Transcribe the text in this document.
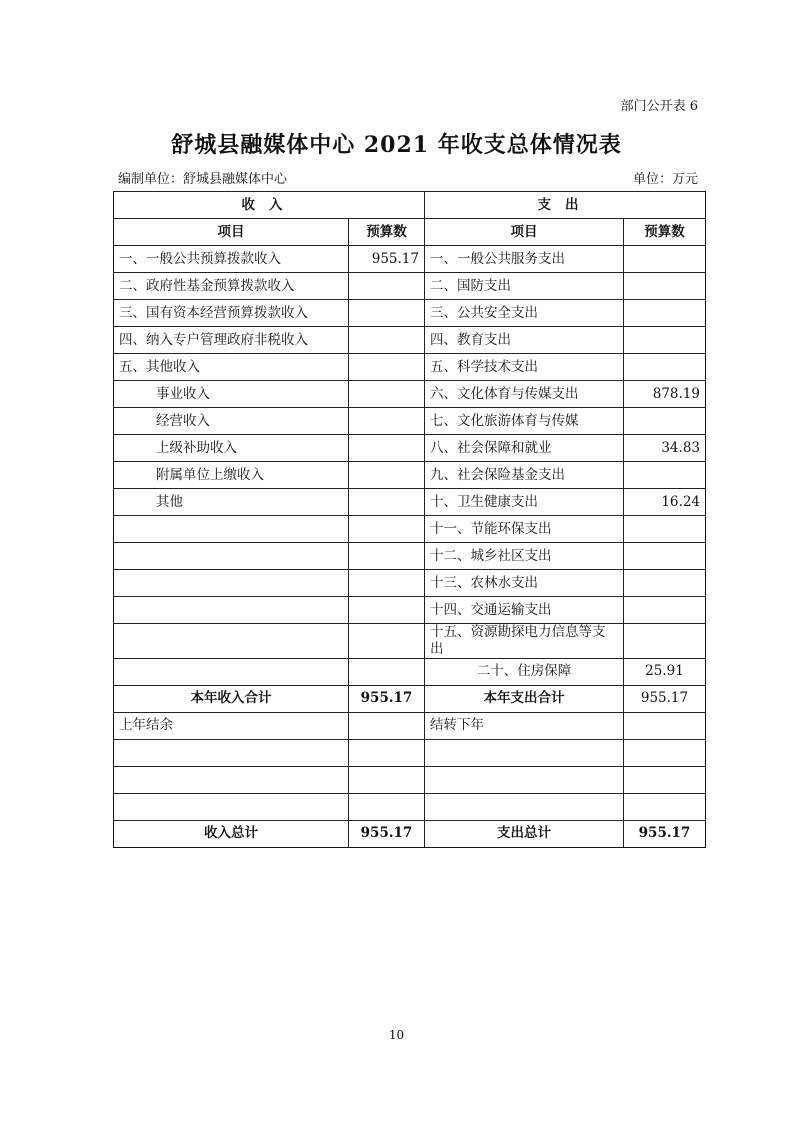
部门公开表 6
舒城县融媒体中心 2021 年收支总体情况表
编制单位：舒城县融媒体中心	单位：万元
收入		支出	
项目	预算数	项目	预算数
一、一般公共预算拨款收入	955.17	一、一般公共服务支出	
二、政府性基金预算拨款收入		二、国防支出	
三、国有资本经营预算拨款收入		三、公共安全支出	
四、纳入专户管理政府非税收入		四、教育支出	
五、其他收入		五、科学技术支出	
事业收入		六、文化体育与传媒支出	878.19
经营收入		七、文化旅游体育与传媒	
上级补助收入		八、社会保障和就业	34.83
附属单位上缴收入		九、社会保险基金支出	
其他		十、卫生健康支出	16.24
		十一、节能环保支出	
		十二、城乡社区支出	
		十三、农林水支出	
		十四、交通运输支出	
		十五、资源勘探电力信息等支出	
		二十、住房保障	25.91
本年收入合计	955.17	本年支出合计	955.17
上年结余		结转下年	

收入总计	955.17	支出总计	955.17
10
